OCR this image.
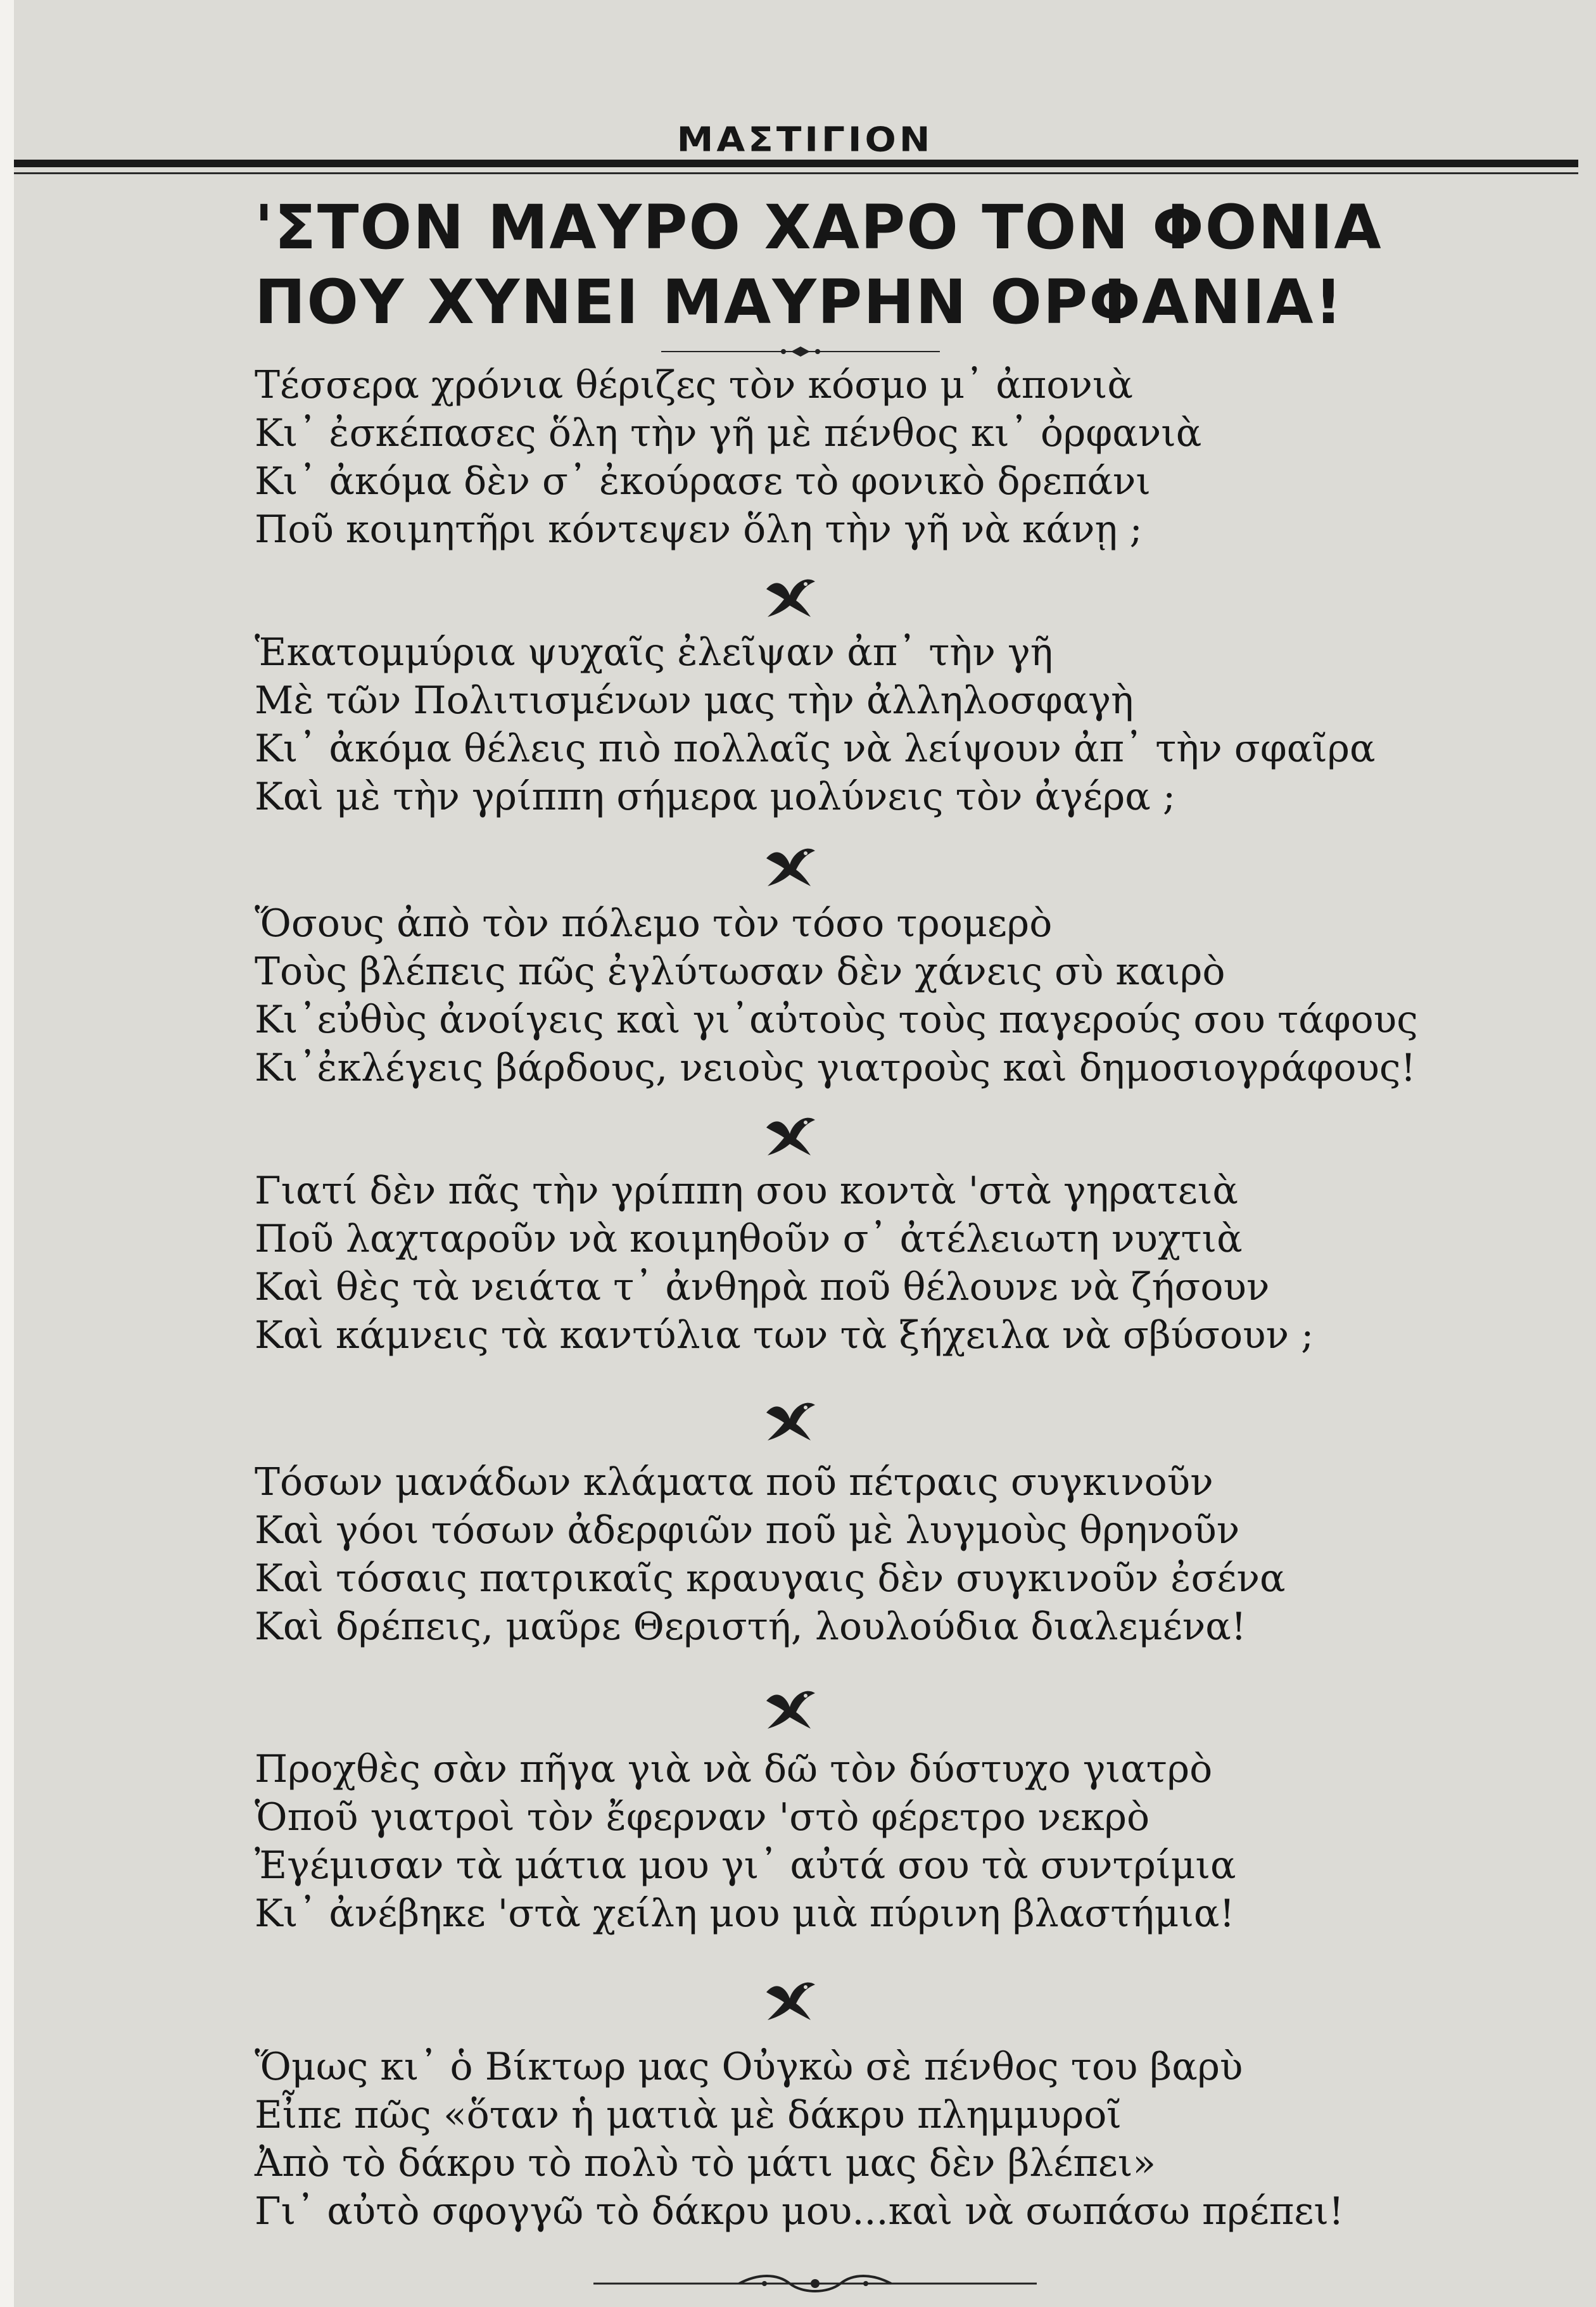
ΜΑΣΤΙΓΙΟΝ
'ΣΤΟΝ ΜΑΥΡΟ ΧΑΡΟ ΤΟΝ ΦΟΝΙΑ
ΠΟΥ ΧΥΝΕΙ ΜΑΥΡΗΝ ΟΡΦΑΝΙΑ!
Τέσσερα χρόνια θέριζες τὸν κόσμο μ᾿ ἀπονιὰ
Κι᾿ ἐσκέπασες ὅλη τὴν γῆ μὲ πένθος κι᾿ ὀρφανιὰ
Κι᾿ ἀκόμα δὲν σ᾿ ἐκούρασε τὸ φονικὸ δρεπάνι
Ποῦ κοιμητῆρι κόντεψεν ὅλη τὴν γῆ νὰ κάνῃ ;
Ἑκατομμύρια ψυχαῖς ἐλεῖψαν ἀπ᾿ τὴν γῆ
Μὲ τῶν Πολιτισμένων μας τὴν ἀλληλοσφαγὴ
Κι᾿ ἀκόμα θέλεις πιὸ πολλαῖς νὰ λείψουν ἀπ᾿ τὴν σφαῖρα
Καὶ μὲ τὴν γρίππη σήμερα μολύνεις τὸν ἀγέρα ;
Ὅσους ἀπὸ τὸν πόλεμο τὸν τόσο τρομερὸ
Τοὺς βλέπεις πῶς ἐγλύτωσαν δὲν χάνεις σὺ καιρὸ
Κι᾿εὐθὺς ἀνοίγεις καὶ γι᾿αὐτοὺς τοὺς παγερούς σου τάφους
Κι᾿ἐκλέγεις βάρδους, νειοὺς γιατροὺς καὶ δημοσιογράφους!
Γιατί δὲν πᾶς τὴν γρίππη σου κοντὰ 'στὰ γηρατειὰ
Ποῦ λαχταροῦν νὰ κοιμηθοῦν σ᾿ ἀτέλειωτη νυχτιὰ
Καὶ θὲς τὰ νειάτα τ᾿ ἀνθηρὰ ποῦ θέλουνε νὰ ζήσουν
Καὶ κάμνεις τὰ καντύλια των τὰ ξήχειλα νὰ σβύσουν ;
Τόσων μανάδων κλάματα ποῦ πέτραις συγκινοῦν
Καὶ γόοι τόσων ἀδερφιῶν ποῦ μὲ λυγμοὺς θρηνοῦν
Καὶ τόσαις πατρικαῖς κραυγαις δὲν συγκινοῦν ἐσένα
Καὶ δρέπεις, μαῦρε Θεριστή, λουλούδια διαλεμένα!
Προχθὲς σὰν πῆγα γιὰ νὰ δῶ τὸν δύστυχο γιατρὸ
Ὁποῦ γιατροὶ τὸν ἔφερναν 'στὸ φέρετρο νεκρὸ
Ἐγέμισαν τὰ μάτια μου γι᾿ αὐτά σου τὰ συντρίμια
Κι᾿ ἀνέβηκε 'στὰ χείλη μου μιὰ πύρινη βλαστήμια!
Ὅμως κι᾿ ὁ Βίκτωρ μας Οὐγκὼ σὲ πένθος του βαρὺ
Εἶπε πῶς «ὅταν ἡ ματιὰ μὲ δάκρυ πλημμυροῖ
Ἀπὸ τὸ δάκρυ τὸ πολὺ τὸ μάτι μας δὲν βλέπει»
Γι᾿ αὐτὸ σφογγῶ τὸ δάκρυ μου...καὶ νὰ σωπάσω πρέπει!
